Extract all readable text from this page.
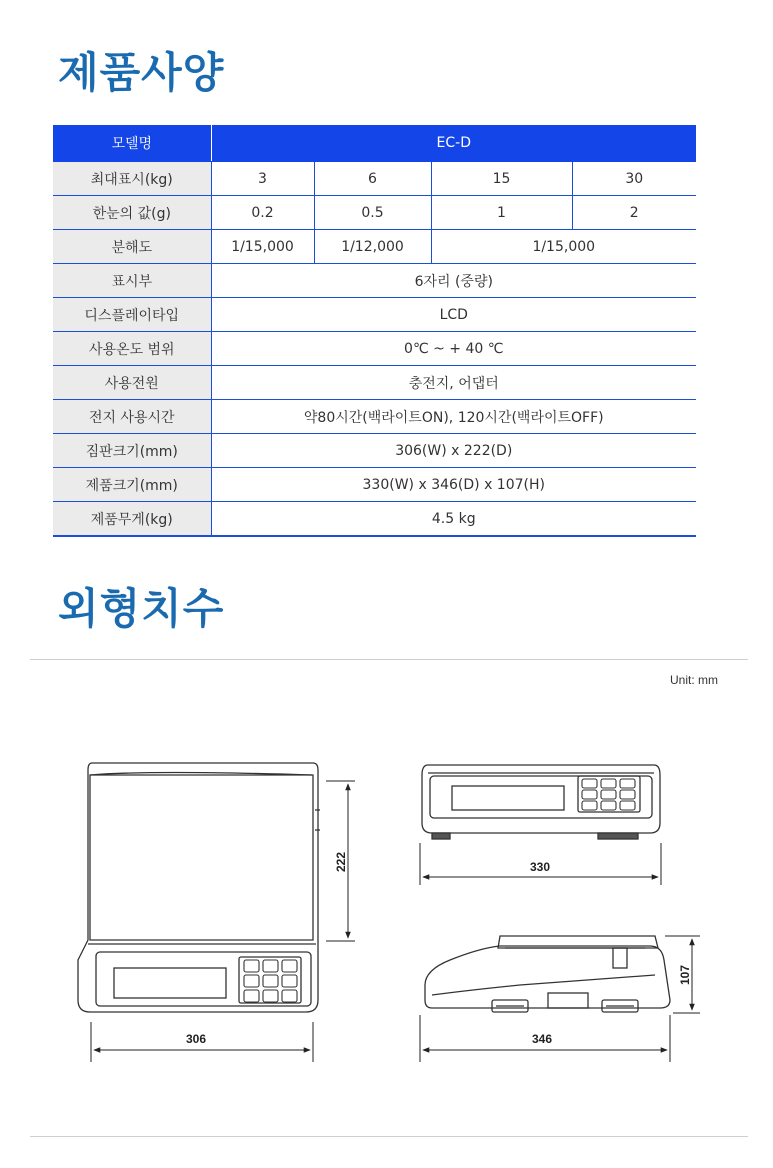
제품사양
모델명	EC-D			
최대표시(kg)	3	6	15	30
한눈의 값(g)	0.2	0.5	1	2
분해도	1/15,000	1/12,000	1/15,000	
표시부	6자리 (중량)			
디스플레이타입	LCD			
사용온도 범위	0℃ ~ + 40 ℃			
사용전원	충전지, 어댑터			
전지 사용시간	약80시간(백라이트ON), 120시간(백라이트OFF)			
짐판크기(mm)	306(W) x 222(D)			
제품크기(mm)	330(W) x 346(D) x 107(H)			
제품무게(kg)	4.5 kg			
외형치수
Unit: mm
222
306
330
107
346
